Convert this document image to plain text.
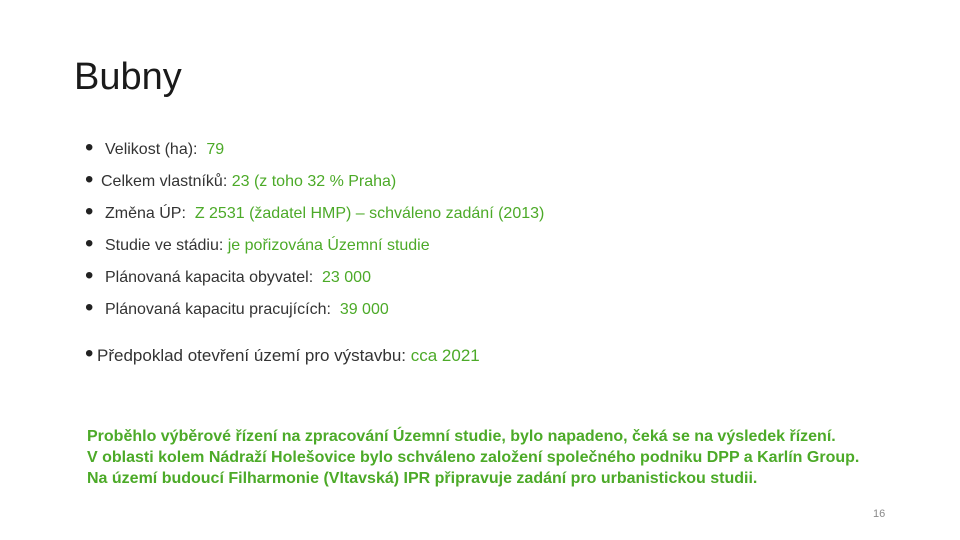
Bubny
• Velikost (ha): 79
• Celkem vlastníků: 23 (z toho 32 % Praha)
• Změna ÚP: Z 2531 (žadatel HMP) – schváleno zadání (2013)
• Studie ve stádiu: je pořizována Územní studie
• Plánovaná kapacita obyvatel: 23 000
• Plánovaná kapacitu pracujících: 39 000
• Předpoklad otevření území pro výstavbu: cca 2021

Proběhlo výběrové řízení na zpracování Územní studie, bylo napadeno, čeká se na výsledek řízení.

V oblasti kolem Nádraží Holešovice bylo schváleno založení společného podniku DPP a Karlín Group.

Na území budoucí Filharmonie (Vltavská) IPR připravuje zadání pro urbanistickou studii.

16
